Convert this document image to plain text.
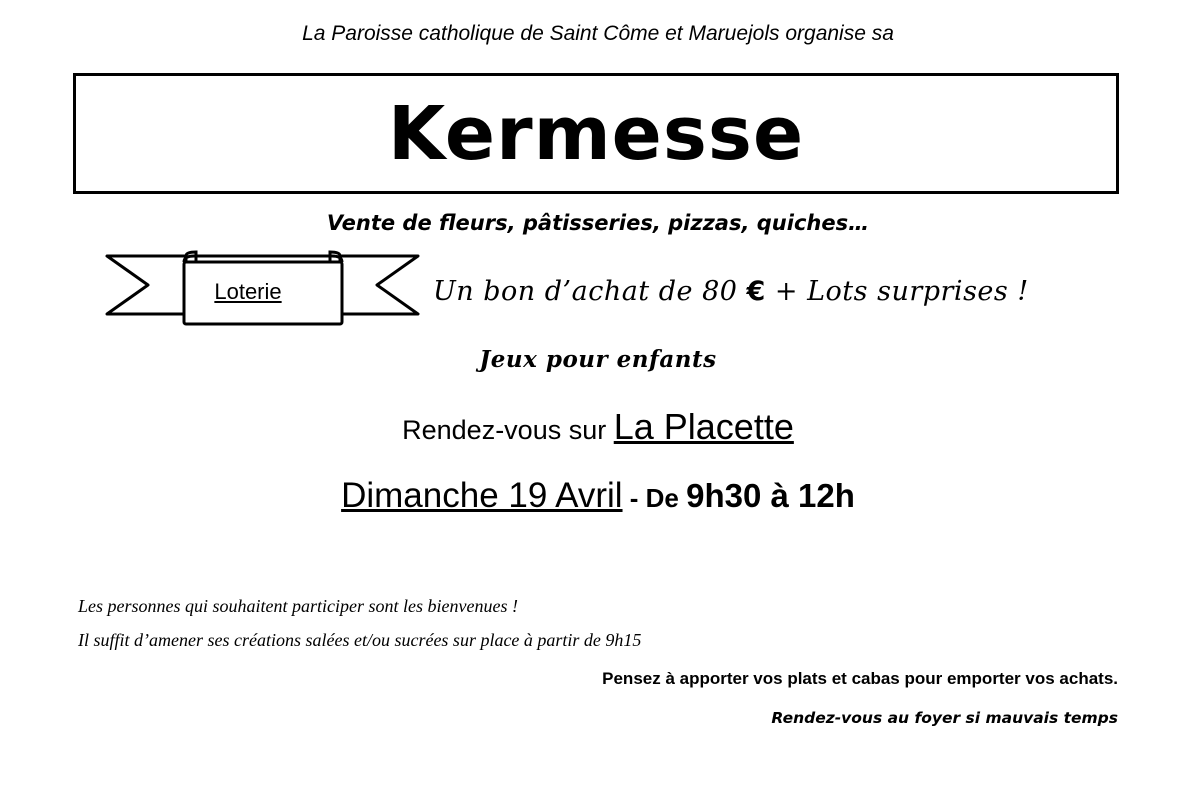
La Paroisse catholique de Saint Côme et Maruejols organise sa
Kermesse
Vente de fleurs, pâtisseries, pizzas, quiches…
Loterie	Un bon d’achat de 80 € + Lots surprises !
Jeux pour enfants
Rendez-vous sur La Placette
Dimanche 19 Avril - De 9h30 à 12h
Les personnes qui souhaitent participer sont les bienvenues !
Il suffit d’amener ses créations salées et/ou sucrées sur place à partir de 9h15
Pensez à apporter vos plats et cabas pour emporter vos achats.
Rendez-vous au foyer si mauvais temps
